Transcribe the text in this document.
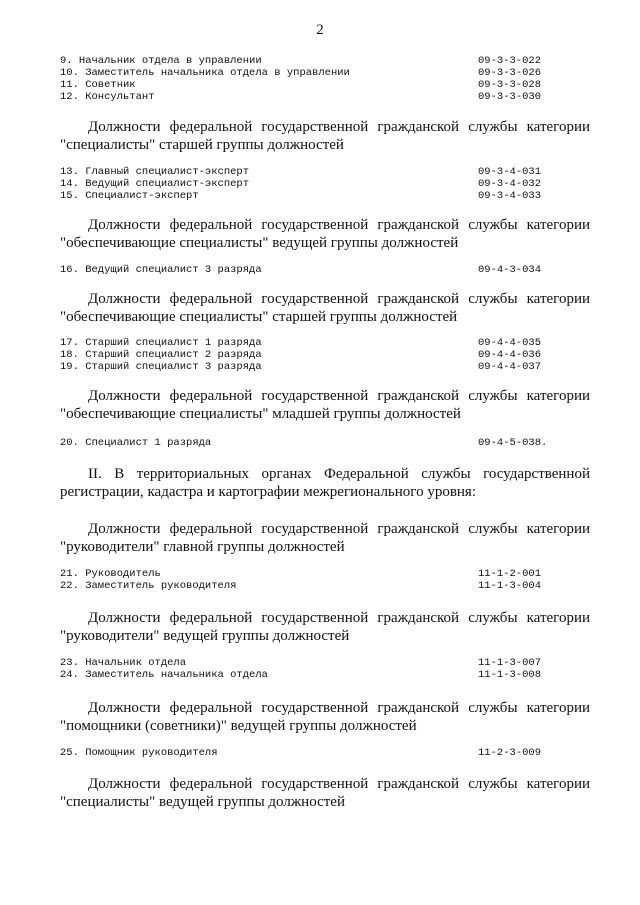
2
9. Начальник отдела в управлении	09-3-3-022
10. Заместитель начальника отдела в управлении	09-3-3-026
11. Советник	09-3-3-028
12. Консультант	09-3-3-030
Должности федеральной государственной гражданской службы категории
"специалисты" старшей группы должностей
13. Главный специалист-эксперт	09-3-4-031
14. Ведущий специалист-эксперт	09-3-4-032
15. Специалист-эксперт	09-3-4-033
Должности федеральной государственной гражданской службы категории
"обеспечивающие специалисты" ведущей группы должностей
16. Ведущий специалист 3 разряда	09-4-3-034
Должности федеральной государственной гражданской службы категории
"обеспечивающие специалисты" старшей группы должностей
17. Старший специалист 1 разряда	09-4-4-035
18. Старший специалист 2 разряда	09-4-4-036
19. Старший специалист 3 разряда	09-4-4-037
Должности федеральной государственной гражданской службы категории
"обеспечивающие специалисты" младшей группы должностей
20. Специалист 1 разряда	09-4-5-038.
II. В территориальных органах Федеральной службы государственной
регистрации, кадастра и картографии межрегионального уровня:
Должности федеральной государственной гражданской службы категории
"руководители" главной группы должностей
21. Руководитель	11-1-2-001
22. Заместитель руководителя	11-1-3-004
Должности федеральной государственной гражданской службы категории
"руководители" ведущей группы должностей
23. Начальник отдела	11-1-3-007
24. Заместитель начальника отдела	11-1-3-008
Должности федеральной государственной гражданской службы категории
"помощники (советники)" ведущей группы должностей
25. Помощник руководителя	11-2-3-009
Должности федеральной государственной гражданской службы категории
"специалисты" ведущей группы должностей
